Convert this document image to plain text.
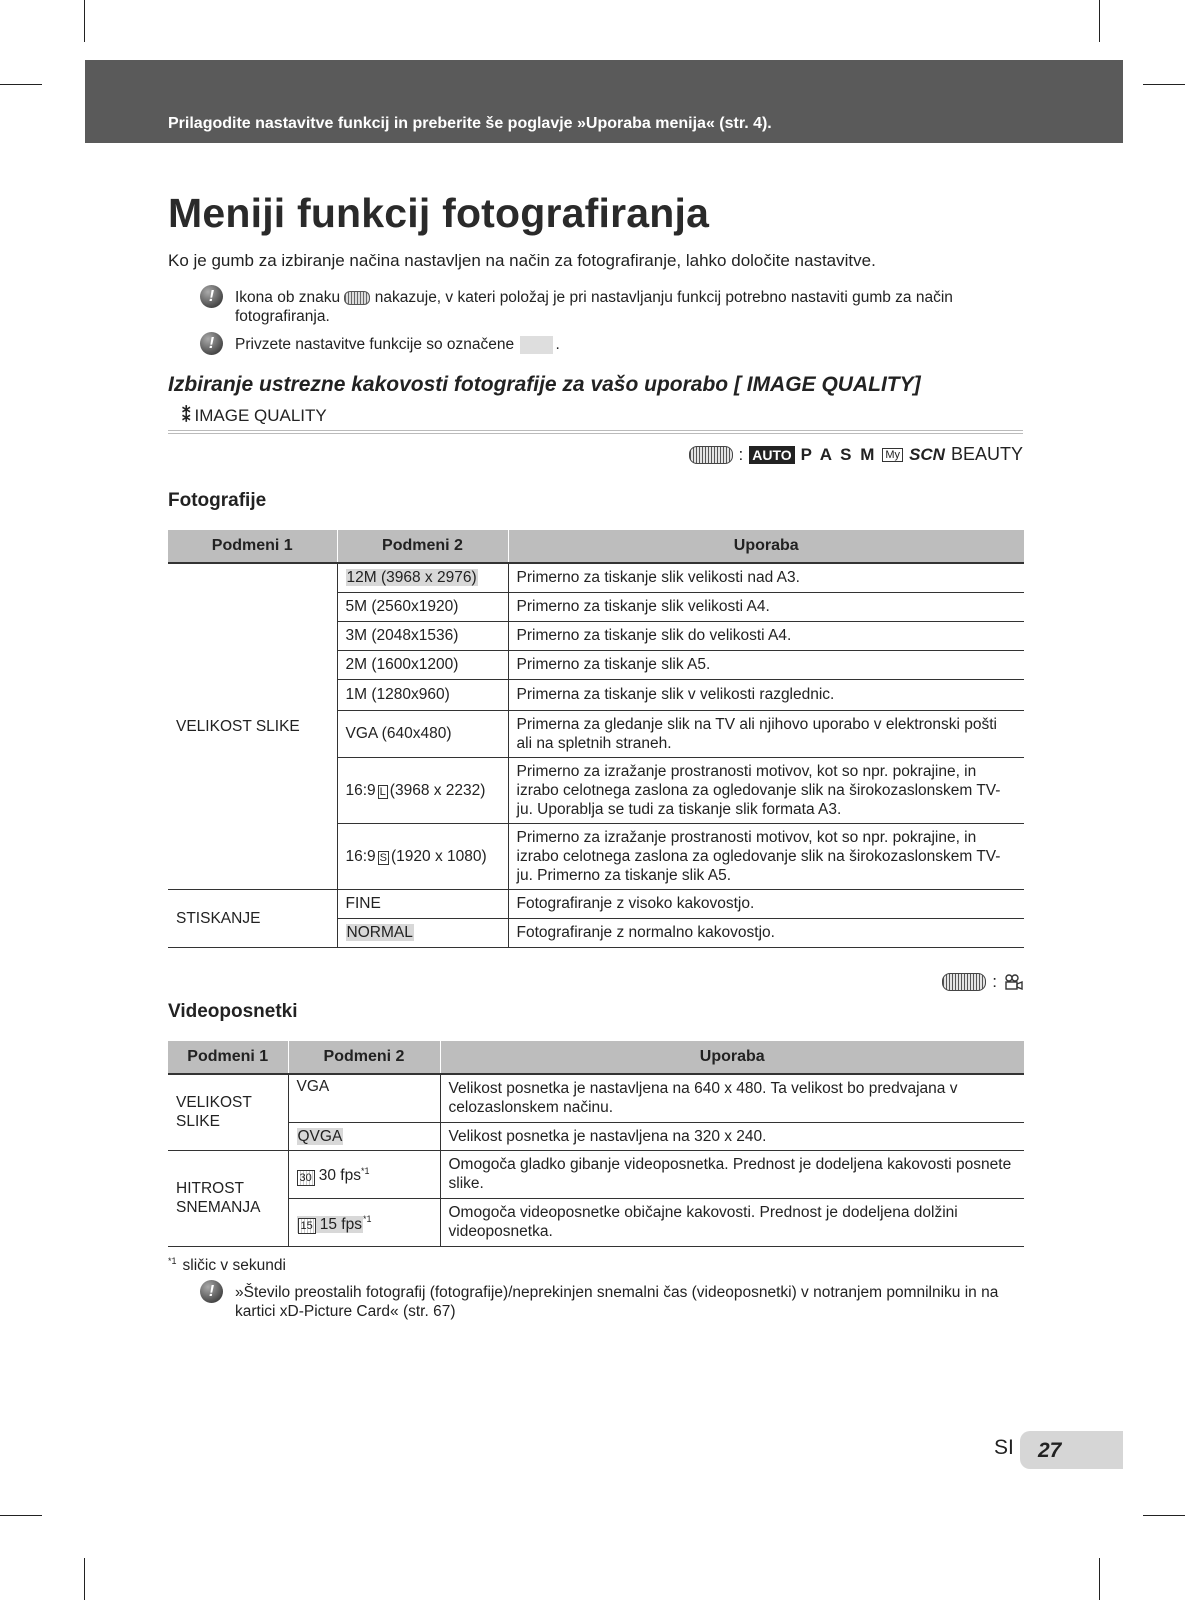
Prilagodite nastavitve funkcij in preberite še poglavje »Uporaba menija« (str. 4).
Meniji funkcij fotografiranja
Ko je gumb za izbiranje načina nastavljen na način za fotografiranje, lahko določite nastavitve.
!	Ikona ob znaku nakazuje, v kateri položaj je pri nastavljanju funkcij potrebno nastaviti gumb za način fotografiranja.
!	Privzete nastavitve funkcije so označene	.
Izbiranje ustrezne kakovosti fotografije za vašo uporabo [ IMAGE QUALITY]
⁑ IMAGE QUALITY
: AUTO P A S M My SCN BEAUTY
Fotografije
Podmeni 1	Podmeni 2	Uporaba
VELIKOST SLIKE	12M (3968 x 2976)	Primerno za tiskanje slik velikosti nad A3.
	5M (2560x1920)	Primerno za tiskanje slik velikosti A4.
	3M (2048x1536)	Primerno za tiskanje slik do velikosti A4.
	2M (1600x1200)	Primerno za tiskanje slik A5.
	1M (1280x960)	Primerna za tiskanje slik v velikosti razglednic.
	VGA (640x480)	Primerna za gledanje slik na TV ali njihovo uporabo v elektronski pošti ali na spletnih straneh.
	16:9 L (3968 x 2232)	Primerno za izražanje prostranosti motivov, kot so npr. pokrajine, in izrabo celotnega zaslona za ogledovanje slik na širokozaslonskem TV-ju. Uporablja se tudi za tiskanje slik formata A3.
	16:9 S (1920 x 1080)	Primerno za izražanje prostranosti motivov, kot so npr. pokrajine, in izrabo celotnega zaslona za ogledovanje slik na širokozaslonskem TV-ju. Primerno za tiskanje slik A5.
STISKANJE	FINE	Fotografiranje z visoko kakovostjo.
	NORMAL	Fotografiranje z normalno kakovostjo.
:
Videoposnetki
Podmeni 1	Podmeni 2	Uporaba
VELIKOST SLIKE	VGA	Velikost posnetka je nastavljena na 640 x 480. Ta velikost bo predvajana v celozaslonskem načinu.
	QVGA	Velikost posnetka je nastavljena na 320 x 240.
HITROST SNEMANJA	30 30 fps$^{*1}$	Omogoča gladko gibanje videoposnetka. Prednost je dodeljena kakovosti posnete slike.
	15 15 fps$^{*1}$	Omogoča videoposnetke običajne kakovosti. Prednost je dodeljena dolžini videoposnetka.
$^{*1}$ sličic v sekundi
!	»Število preostalih fotografij (fotografije)/neprekinjen snemalni čas (videoposnetki) v notranjem pomnilniku in na kartici xD-Picture Card« (str. 67)
SI 27
